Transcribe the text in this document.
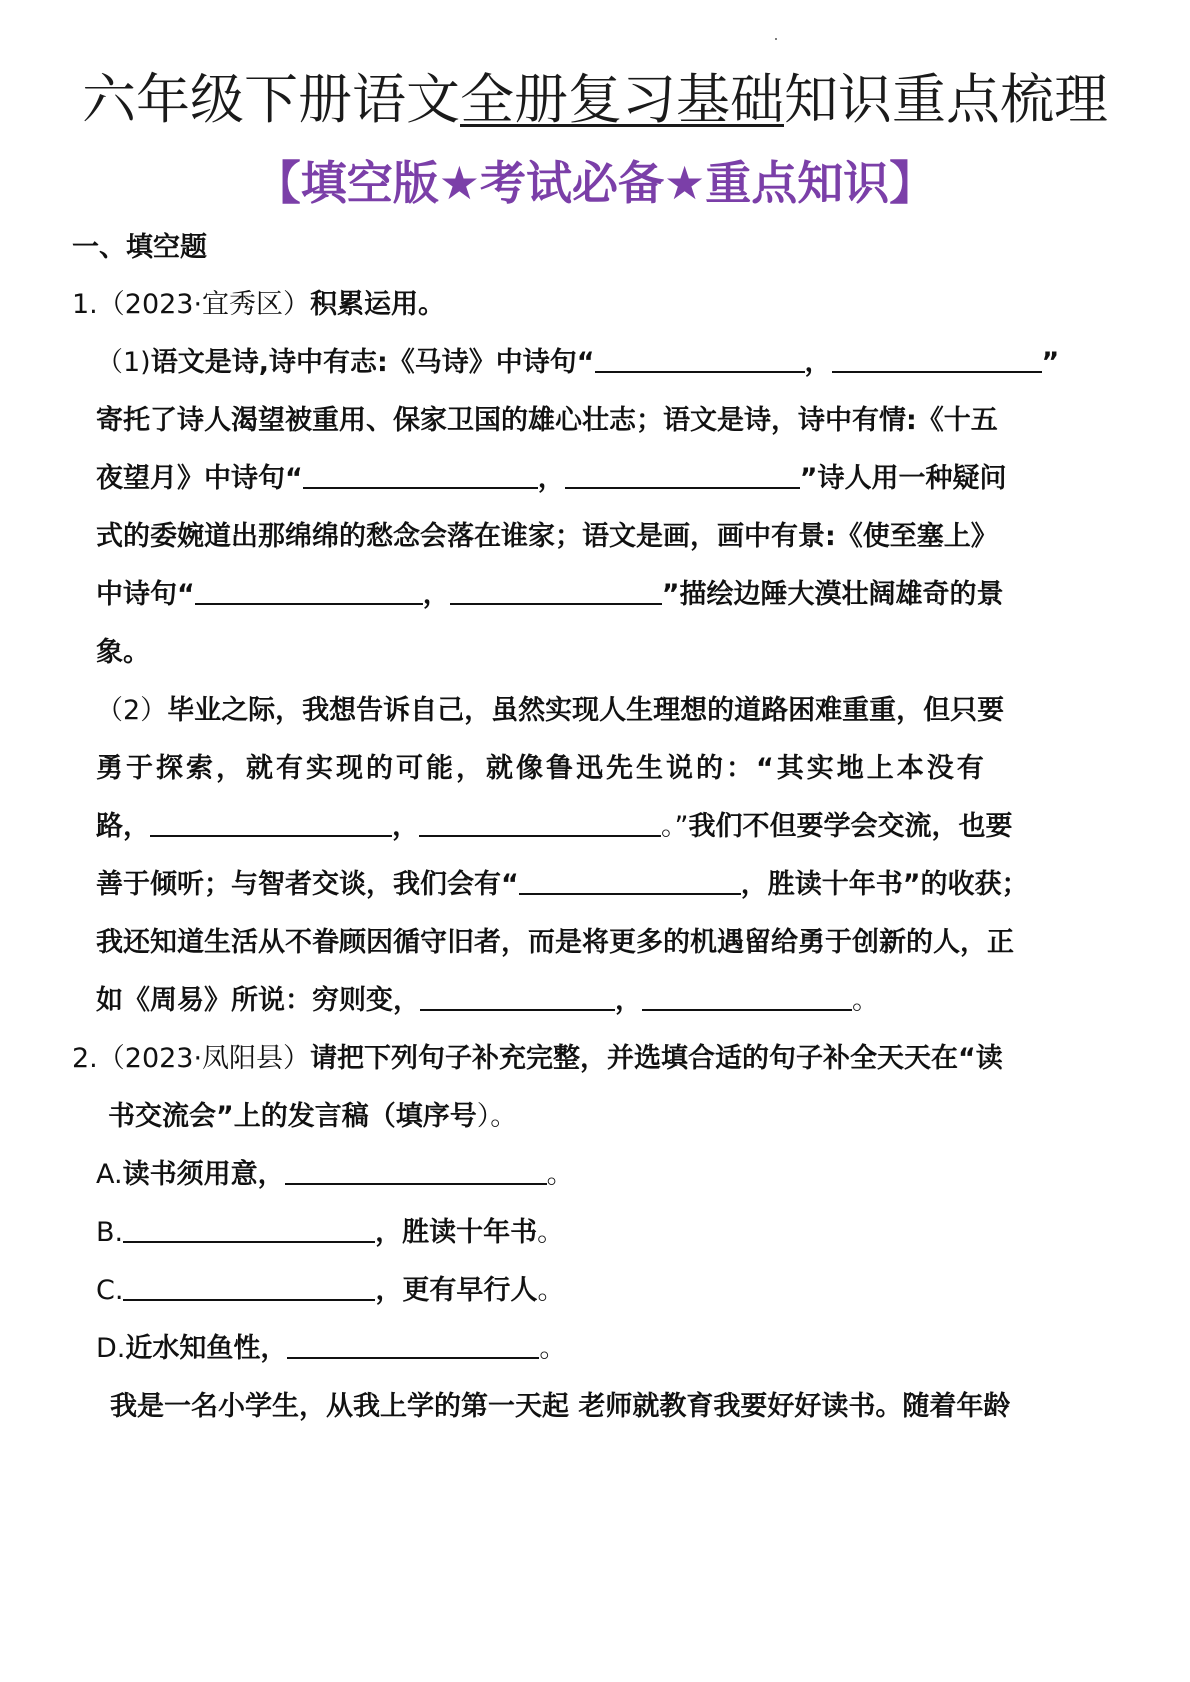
六年级下册语文全册复习基础知识重点梳理
【填空版★考试必备★重点知识】
一、填空题
1.（2023·宜秀区）积累运用。
（1)语文是诗,诗中有志:《马诗》中诗句“	，	”
寄托了诗人渴望被重用、保家卫国的雄心壮志；语文是诗，诗中有情:《十五
夜望月》中诗句“	，	”诗人用一种疑问
式的委婉道出那绵绵的愁念会落在谁家；语文是画，画中有景:《使至塞上》
中诗句“	，	”描绘边陲大漠壮阔雄奇的景
象。
（2）毕业之际，我想告诉自己，虽然实现人生理想的道路困难重重，但只要
勇于探索，就有实现的可能，就像鲁迅先生说的：“其实地上本没有
路，	，	。”我们不但要学会交流，也要
善于倾听；与智者交谈，我们会有“	，胜读十年书”的收获；
我还知道生活从不眷顾因循守旧者，而是将更多的机遇留给勇于创新的人，正
如《周易》所说：穷则变，	，	。
2.（2023·凤阳县）请把下列句子补充完整，并选填合适的句子补全天天在“读
书交流会”上的发言稿（填序号）。
A.读书须用意，	。
B.	，胜读十年书。
C.	，更有早行人。
D.近水知鱼性，	。
我是一名小学生，从我上学的第一天起 老师就教育我要好好读书。随着年龄
